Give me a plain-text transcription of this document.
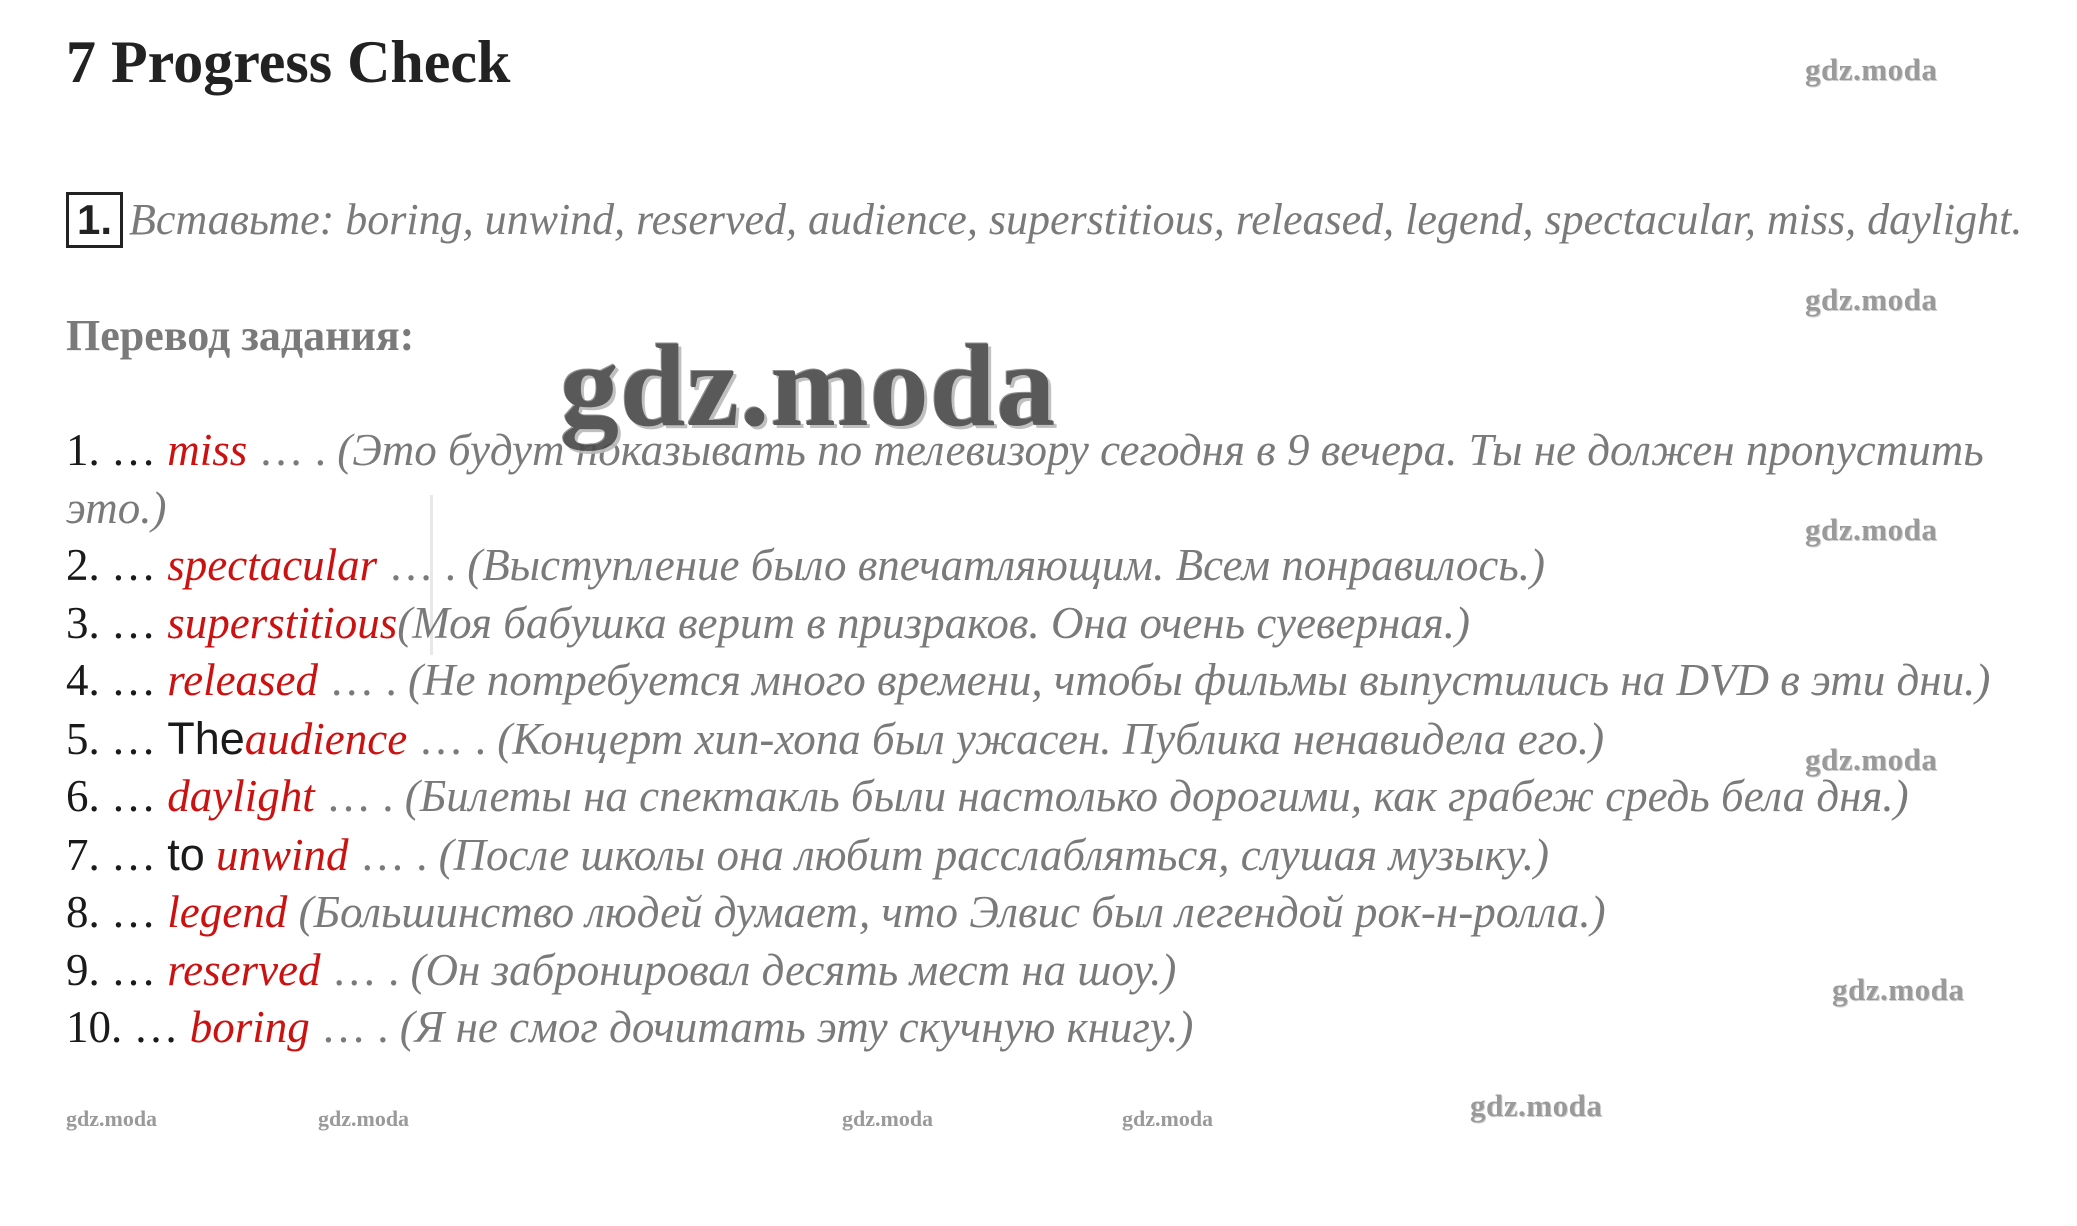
7 Progress Check	gdz.moda
gdz.moda
gdz.moda
gdz.moda
gdz.moda
gdz.moda
gdz.moda	gdz.moda	gdz.moda	gdz.moda
1. Вставьте: boring, unwind, reserved, audience, superstitious, released, legend, spectacular, miss, daylight.
Перевод задания:
1. … miss … . (Это будут показывать по телевизору сегодня в 9 вечера. Ты не должен пропустить это.)
2. … spectacular … . (Выступление было впечатляющим. Всем понравилось.)
3. … superstitious(Моя бабушка верит в призраков. Она очень суеверная.)
4. … released … . (Не потребуется много времени, чтобы фильмы выпустились на DVD в эти дни.)
5. … Theaudience … . (Концерт хип-хопа был ужасен. Публика ненавидела его.)
6. … daylight … . (Билеты на спектакль были настолько дорогими, как грабеж средь бела дня.)
7. … to unwind … . (После школы она любит расслабляться, слушая музыку.)
8. … legend (Большинство людей думает, что Элвис был легендой рок-н-ролла.)
9. … reserved … . (Он забронировал десять мест на шоу.)
10. … boring … . (Я не смог дочитать эту скучную книгу.)
gdz.moda
